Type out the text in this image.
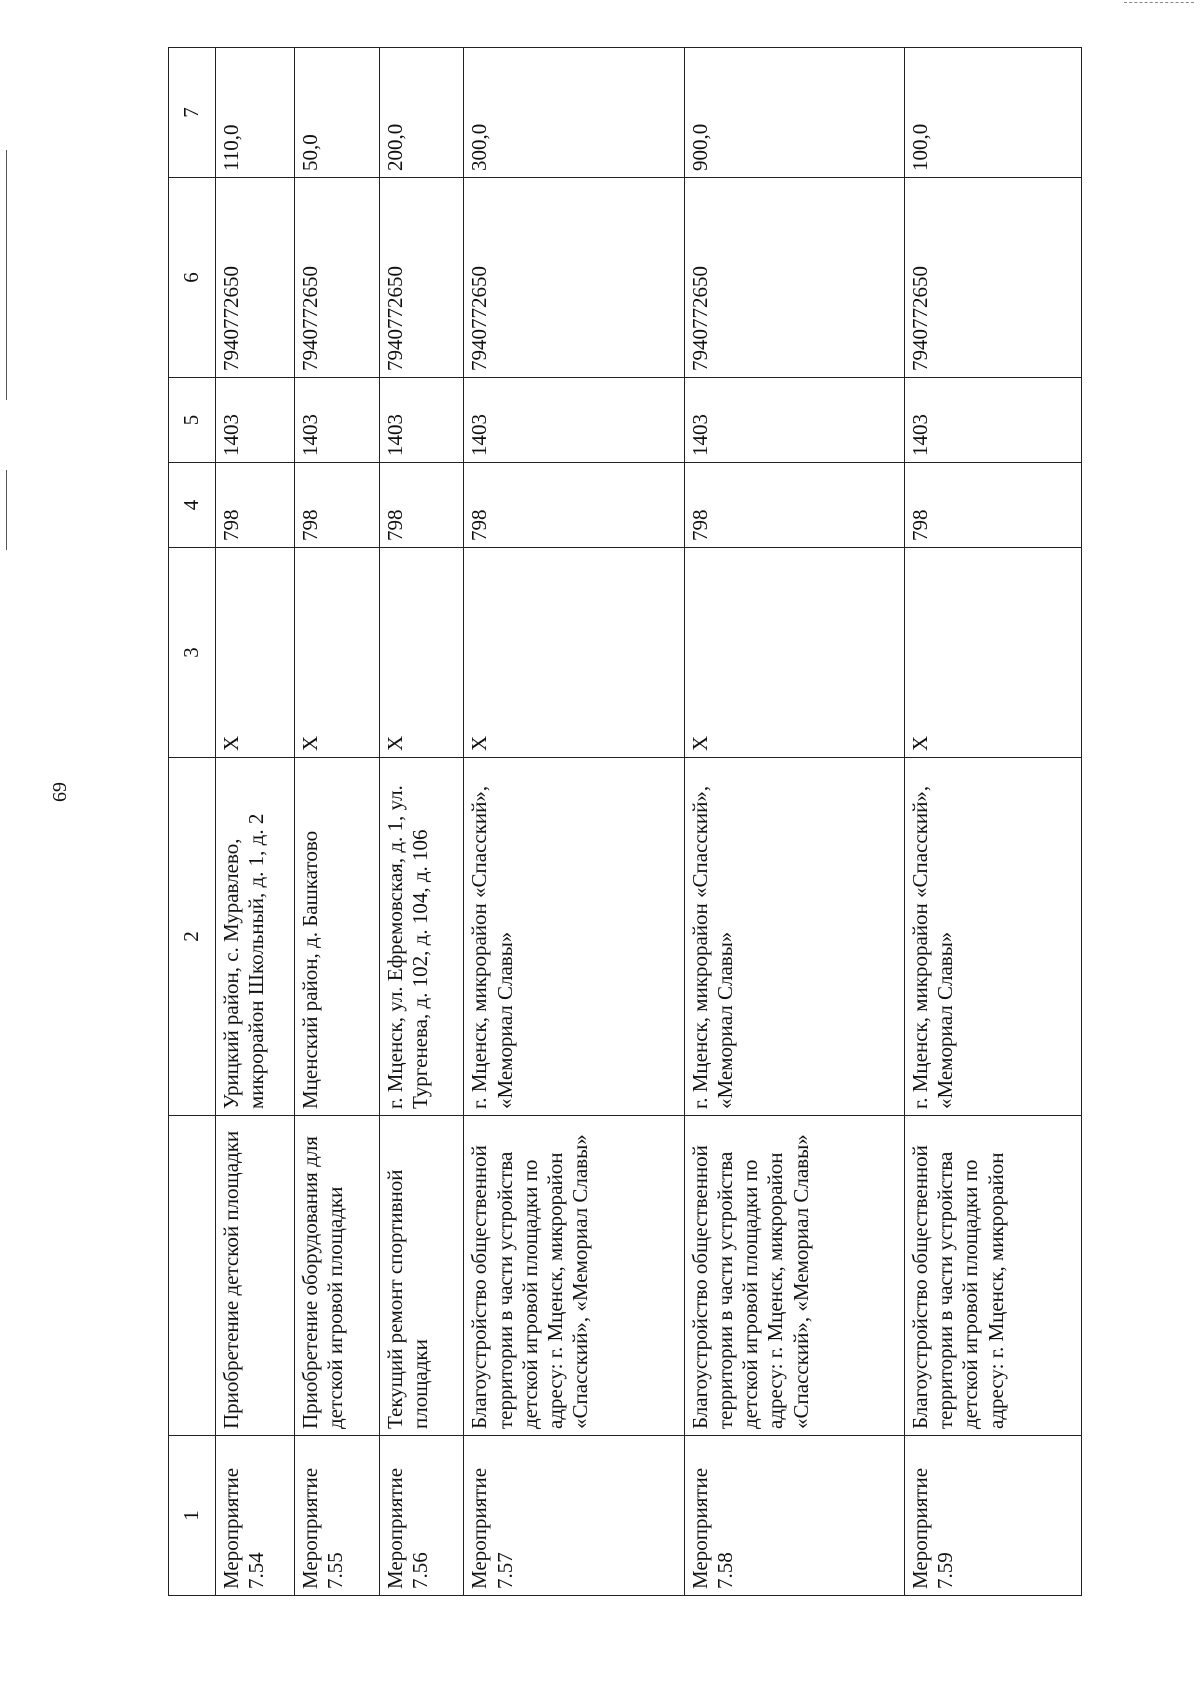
69
1		2	3	4	5	6	7
Мероприятие 7.54	Приобретение детской площадки	Урицкий район, с. Муравлево, микрорайон Школьный, д. 1, д. 2	X	798	1403	7940772650	110,0
Мероприятие 7.55	Приобретение оборудования для детской игровой площадки	Мценский район, д. Башкатово	X	798	1403	7940772650	50,0
Мероприятие 7.56	Текущий ремонт спортивной площадки	г. Мценск, ул. Ефремовская, д. 1, ул. Тургенева, д. 102, д. 104, д. 106	X	798	1403	7940772650	200,0
Мероприятие 7.57	Благоустройство общественной территории в части устройства детской игровой площадки по адресу: г. Мценск, микрорайон «Спасский», «Мемориал Славы»	г. Мценск, микрорайон «Спасский», «Мемориал Славы»	X	798	1403	7940772650	300,0
Мероприятие 7.58	Благоустройство общественной территории в части устройства детской игровой площадки по адресу: г. Мценск, микрорайон «Спасский», «Мемориал Славы»	г. Мценск, микрорайон «Спасский», «Мемориал Славы»	X	798	1403	7940772650	900,0
Мероприятие 7.59	Благоустройство общественной территории в части устройства детской игровой площадки по адресу: г. Мценск, микрорайон	г. Мценск, микрорайон «Спасский», «Мемориал Славы»	X	798	1403	7940772650	100,0
